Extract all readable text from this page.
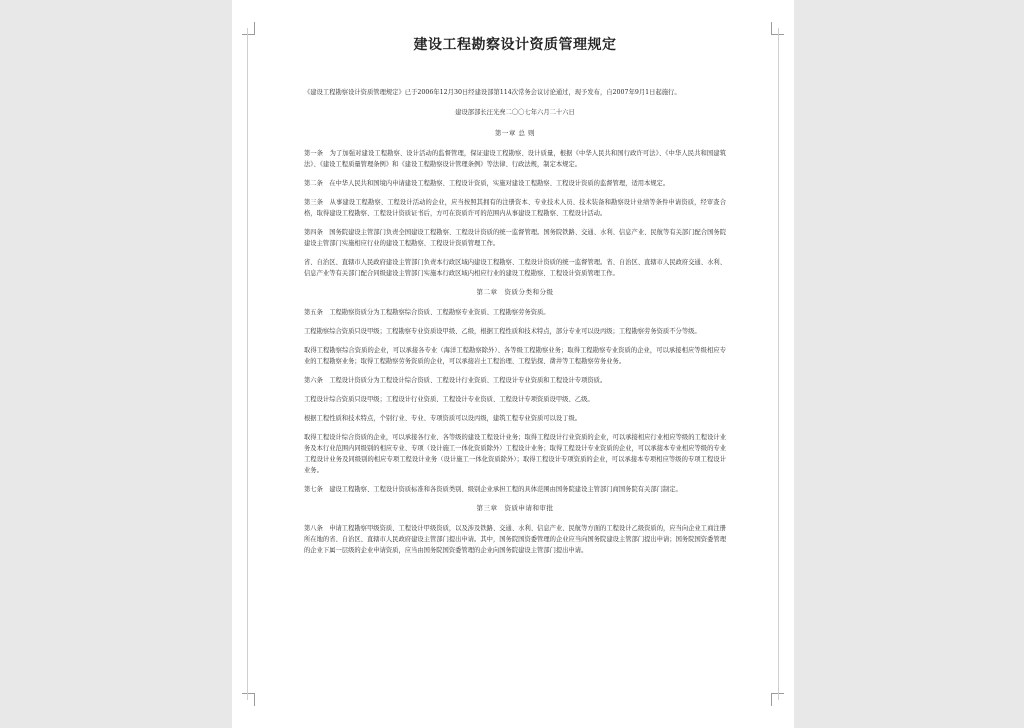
建设工程勘察设计资质管理规定
《建设工程勘察设计资质管理规定》已于2006年12月30日经建设部第114次常务会议讨论通过，现予发布，自2007年9月1日起施行。
建设部部长汪光焘二〇〇七年六月二十六日
第一章 总 则
第一条　为了加强对建设工程勘察、设计活动的监督管理，保证建设工程勘察、设计质量，根据《中华人民共和国行政许可法》、《中华人民共和国建筑法》、《建设工程质量管理条例》和《建设工程勘察设计管理条例》等法律、行政法规，制定本规定。
第二条　在中华人民共和国境内申请建设工程勘察、工程设计资质，实施对建设工程勘察、工程设计资质的监督管理，适用本规定。
第三条　从事建设工程勘察、工程设计活动的企业，应当按照其拥有的注册资本、专业技术人员、技术装备和勘察设计业绩等条件申请资质，经审查合格，取得建设工程勘察、工程设计资质证书后，方可在资质许可的范围内从事建设工程勘察、工程设计活动。
第四条　国务院建设主管部门负责全国建设工程勘察、工程设计资质的统一监督管理。国务院铁路、交通、水利、信息产业、民航等有关部门配合国务院建设主管部门实施相应行业的建设工程勘察、工程设计资质管理工作。
省、自治区、直辖市人民政府建设主管部门负责本行政区域内建设工程勘察、工程设计资质的统一监督管理。省、自治区、直辖市人民政府交通、水利、信息产业等有关部门配合同级建设主管部门实施本行政区域内相应行业的建设工程勘察、工程设计资质管理工作。
第二章　资质分类和分级
第五条　工程勘察资质分为工程勘察综合资质、工程勘察专业资质、工程勘察劳务资质。
工程勘察综合资质只设甲级；工程勘察专业资质设甲级、乙级，根据工程性质和技术特点，部分专业可以设丙级；工程勘察劳务资质不分等级。
取得工程勘察综合资质的企业，可以承接各专业（海洋工程勘察除外）、各等级工程勘察业务；取得工程勘察专业资质的企业，可以承接相应等级相应专业的工程勘察业务；取得工程勘察劳务资质的企业，可以承接岩土工程治理、工程钻探、凿井等工程勘察劳务业务。
第六条　工程设计资质分为工程设计综合资质、工程设计行业资质、工程设计专业资质和工程设计专项资质。
工程设计综合资质只设甲级；工程设计行业资质、工程设计专业资质、工程设计专项资质设甲级、乙级。
根据工程性质和技术特点，个别行业、专业、专项资质可以设丙级，建筑工程专业资质可以设丁级。
取得工程设计综合资质的企业，可以承接各行业、各等级的建设工程设计业务；取得工程设计行业资质的企业，可以承接相应行业相应等级的工程设计业务及本行业范围内同级别的相应专业、专项（设计施工一体化资质除外）工程设计业务；取得工程设计专业资质的企业，可以承接本专业相应等级的专业工程设计业务及同级别的相应专项工程设计业务（设计施工一体化资质除外）；取得工程设计专项资质的企业，可以承接本专项相应等级的专项工程设计业务。
第七条　建设工程勘察、工程设计资质标准和各资质类别、级别企业承担工程的具体范围由国务院建设主管部门商国务院有关部门制定。
第三章　资质申请和审批
第八条　申请工程勘察甲级资质、工程设计甲级资质，以及涉及铁路、交通、水利、信息产业、民航等方面的工程设计乙级资质的，应当向企业工商注册所在地的省、自治区、直辖市人民政府建设主管部门提出申请。其中，国务院国资委管理的企业应当向国务院建设主管部门提出申请；国务院国资委管理的企业下属一层级的企业申请资质，应当由国务院国资委管理的企业向国务院建设主管部门提出申请。
